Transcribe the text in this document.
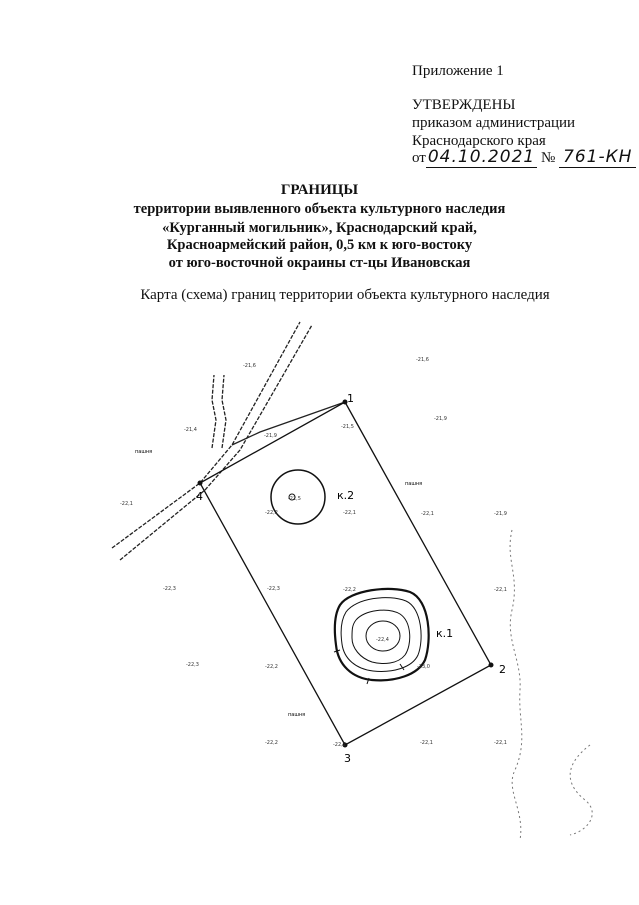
Приложение 1
УТВЕРЖДЕНЫ
приказом администрации
Краснодарского края
от 04.10.2021 № 761-КН
ГРАНИЦЫ
территории выявленного объекта культурного наследия
«Курганный могильник», Краснодарский край,
Красноармейский район, 0,5 км к юго-востоку
от юго-восточной окраины ст-цы Ивановская
Карта (схема) границ территории объекта культурного наследия
1
2
3
4
к.1
к.2
пашня
пашня
пашня
-21,6
-21,6
-21,4
-21,9
-21,5
-21,9
-22,1
-22,2
-22,5
-22,1	-22,1	-21,9
-22,3	-22,3	-22,2	-22,1
-22,4
-22,3	-22,2	-23,0
-22,2	-22,2	-22,1	-22,1
